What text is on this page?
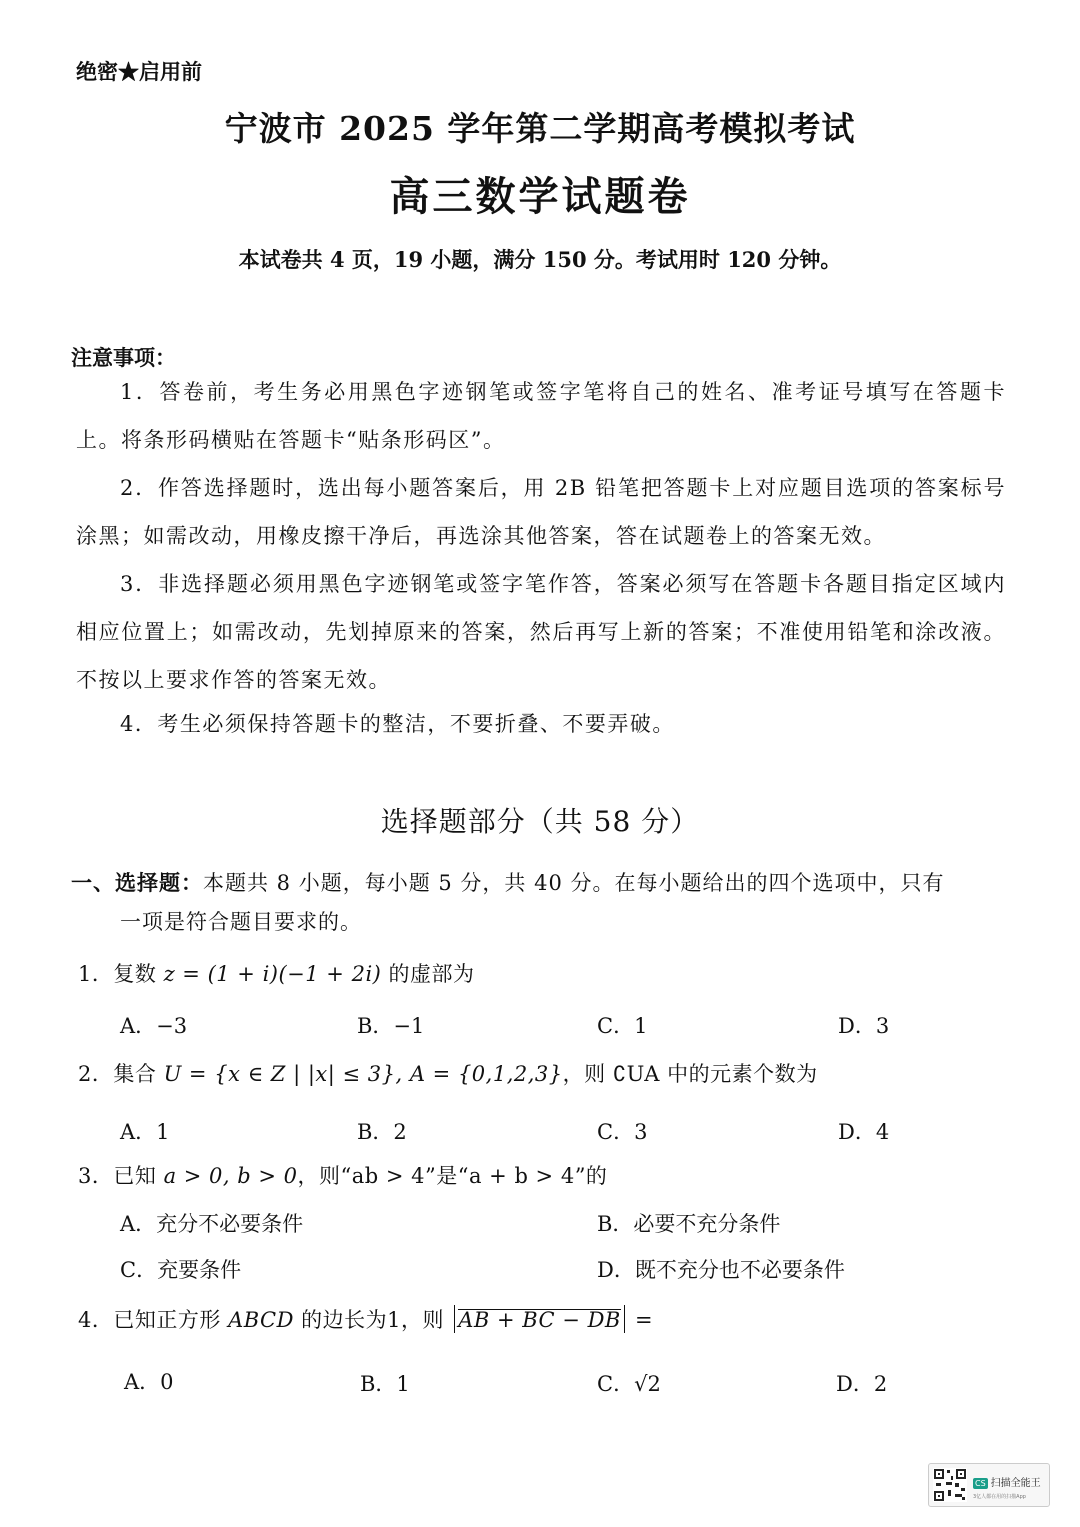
绝密★启用前
宁波市 2025 学年第二学期高考模拟考试
高三数学试题卷
本试卷共 4 页，19 小题，满分 150 分。考试用时 120 分钟。
注意事项：
1．答卷前，考生务必用黑色字迹钢笔或签字笔将自己的姓名、准考证号填写在答题卡上。将条形码横贴在答题卡“贴条形码区”。
2．作答选择题时，选出每小题答案后，用 2B 铅笔把答题卡上对应题目选项的答案标号涂黑；如需改动，用橡皮擦干净后，再选涂其他答案，答在试题卷上的答案无效。
3．非选择题必须用黑色字迹钢笔或签字笔作答，答案必须写在答题卡各题目指定区域内相应位置上；如需改动，先划掉原来的答案，然后再写上新的答案；不准使用铅笔和涂改液。不按以上要求作答的答案无效。
4．考生必须保持答题卡的整洁，不要折叠、不要弄破。
选择题部分（共 58 分）
一、选择题：本题共 8 小题，每小题 5 分，共 40 分。在每小题给出的四个选项中，只有
一项是符合题目要求的。
1．复数 z = (1 + i)(−1 + 2i) 的虚部为
A．−3	B．−1	C．1	D．3
2．集合 U = {x ∈ Z | |x| ≤ 3}, A = {0,1,2,3}，则 ∁UA 中的元素个数为
A．1	B．2	C．3	D．4
3．已知 a > 0, b > 0，则“ab > 4”是“a + b > 4”的
A．充分不必要条件	B．必要不充分条件
C．充要条件	D．既不充分也不必要条件
4．已知正方形 ABCD 的边长为1，则 AB + BC − DB =
A．0	B．1	C．√2	D．2
CS 扫描全能王
3亿人都在用的扫描App
